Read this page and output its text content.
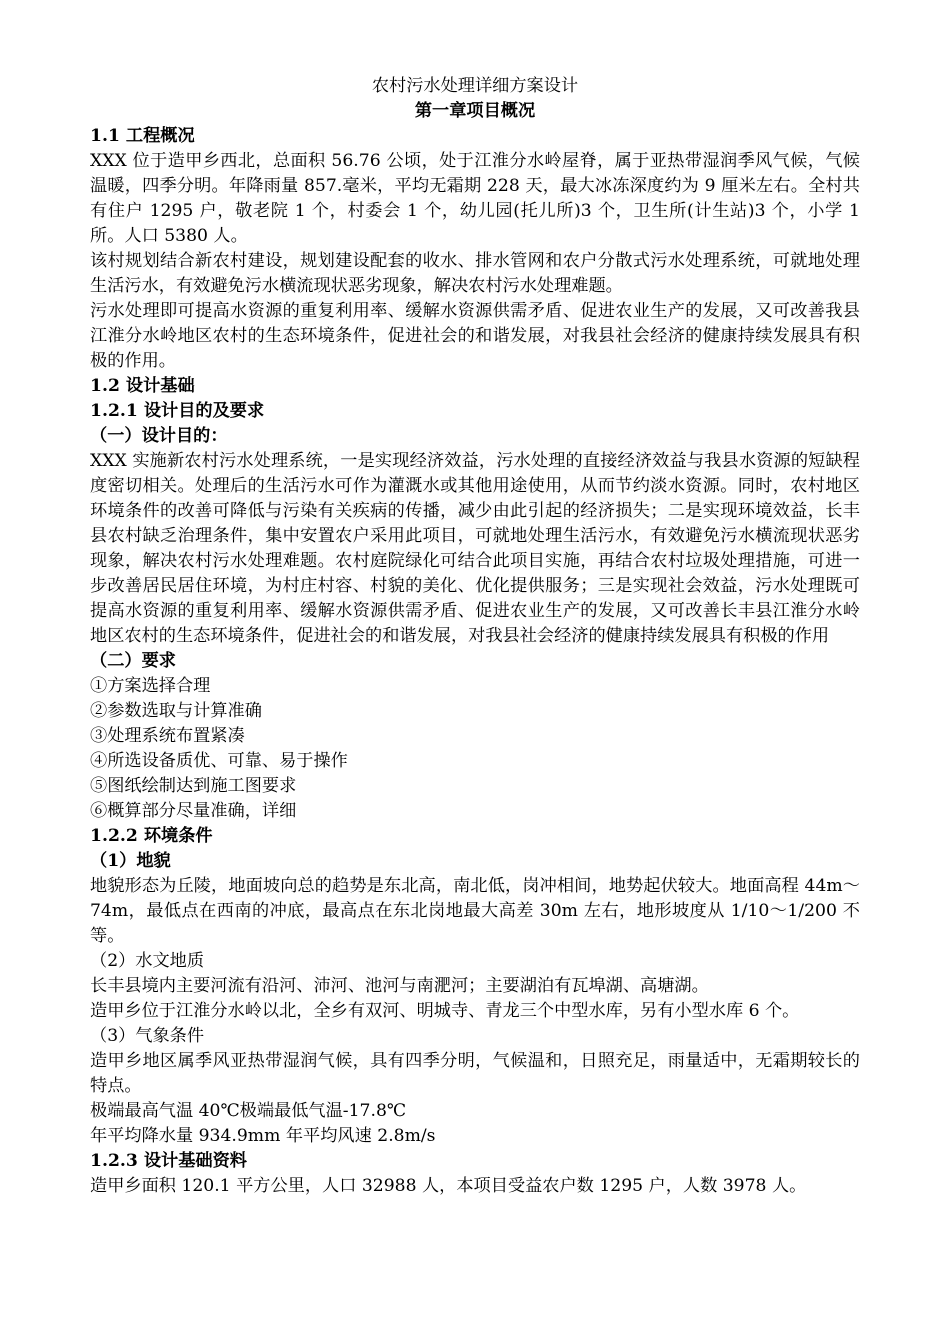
农村污水处理详细方案设计
第一章项目概况
1.1 工程概况

XXX 位于造甲乡西北，总面积 56.76 公顷，处于江淮分水岭屋脊，属于亚热带湿润季风气候，气候温暖，四季分明。年降雨量 857.毫米，平均无霜期 228 天，最大冰冻深度约为 9 厘米左右。全村共有住户 1295 户，敬老院 1 个，村委会 1 个，幼儿园(托儿所)3 个，卫生所(计生站)3 个，小学 1 所。人口 5380 人。

该村规划结合新农村建设，规划建设配套的收水、排水管网和农户分散式污水处理系统，可就地处理生活污水，有效避免污水横流现状恶劣现象，解决农村污水处理难题。

污水处理即可提高水资源的重复利用率、缓解水资源供需矛盾、促进农业生产的发展，又可改善我县江淮分水岭地区农村的生态环境条件，促进社会的和谐发展，对我县社会经济的健康持续发展具有积极的作用。

1.2 设计基础
1.2.1 设计目的及要求
（一）设计目的：

XXX 实施新农村污水处理系统，一是实现经济效益，污水处理的直接经济效益与我县水资源的短缺程度密切相关。处理后的生活污水可作为灌溉水或其他用途使用，从而节约淡水资源。同时，农村地区环境条件的改善可降低与污染有关疾病的传播，减少由此引起的经济损失；二是实现环境效益，长丰县农村缺乏治理条件，集中安置农户采用此项目，可就地处理生活污水，有效避免污水横流现状恶劣现象，解决农村污水处理难题。农村庭院绿化可结合此项目实施，再结合农村垃圾处理措施，可进一步改善居民居住环境，为村庄村容、村貌的美化、优化提供服务；三是实现社会效益，污水处理既可提高水资源的重复利用率、缓解水资源供需矛盾、促进农业生产的发展，又可改善长丰县江淮分水岭地区农村的生态环境条件，促进社会的和谐发展，对我县社会经济的健康持续发展具有积极的作用

（二）要求
①方案选择合理
②参数选取与计算准确
③处理系统布置紧凑
④所选设备质优、可靠、易于操作
⑤图纸绘制达到施工图要求
⑥概算部分尽量准确，详细
1.2.2 环境条件
（1）地貌

地貌形态为丘陵，地面坡向总的趋势是东北高，南北低，岗冲相间，地势起伏较大。地面高程 44m～74m，最低点在西南的冲底，最高点在东北岗地最大高差 30m 左右，地形坡度从 1/10～1/200 不等。

（2）水文地质
长丰县境内主要河流有沿河、沛河、池河与南淝河；主要湖泊有瓦埠湖、高塘湖。
造甲乡位于江淮分水岭以北，全乡有双河、明城寺、青龙三个中型水库，另有小型水库 6 个。
（3）气象条件

造甲乡地区属季风亚热带湿润气候，具有四季分明，气候温和，日照充足，雨量适中，无霜期较长的特点。

极端最高气温 40℃极端最低气温-17.8℃
年平均降水量 934.9mm 年平均风速 2.8m/s
1.2.3 设计基础资料

造甲乡面积 120.1 平方公里，人口 32988 人，本项目受益农户数 1295 户，人数 3978 人。
